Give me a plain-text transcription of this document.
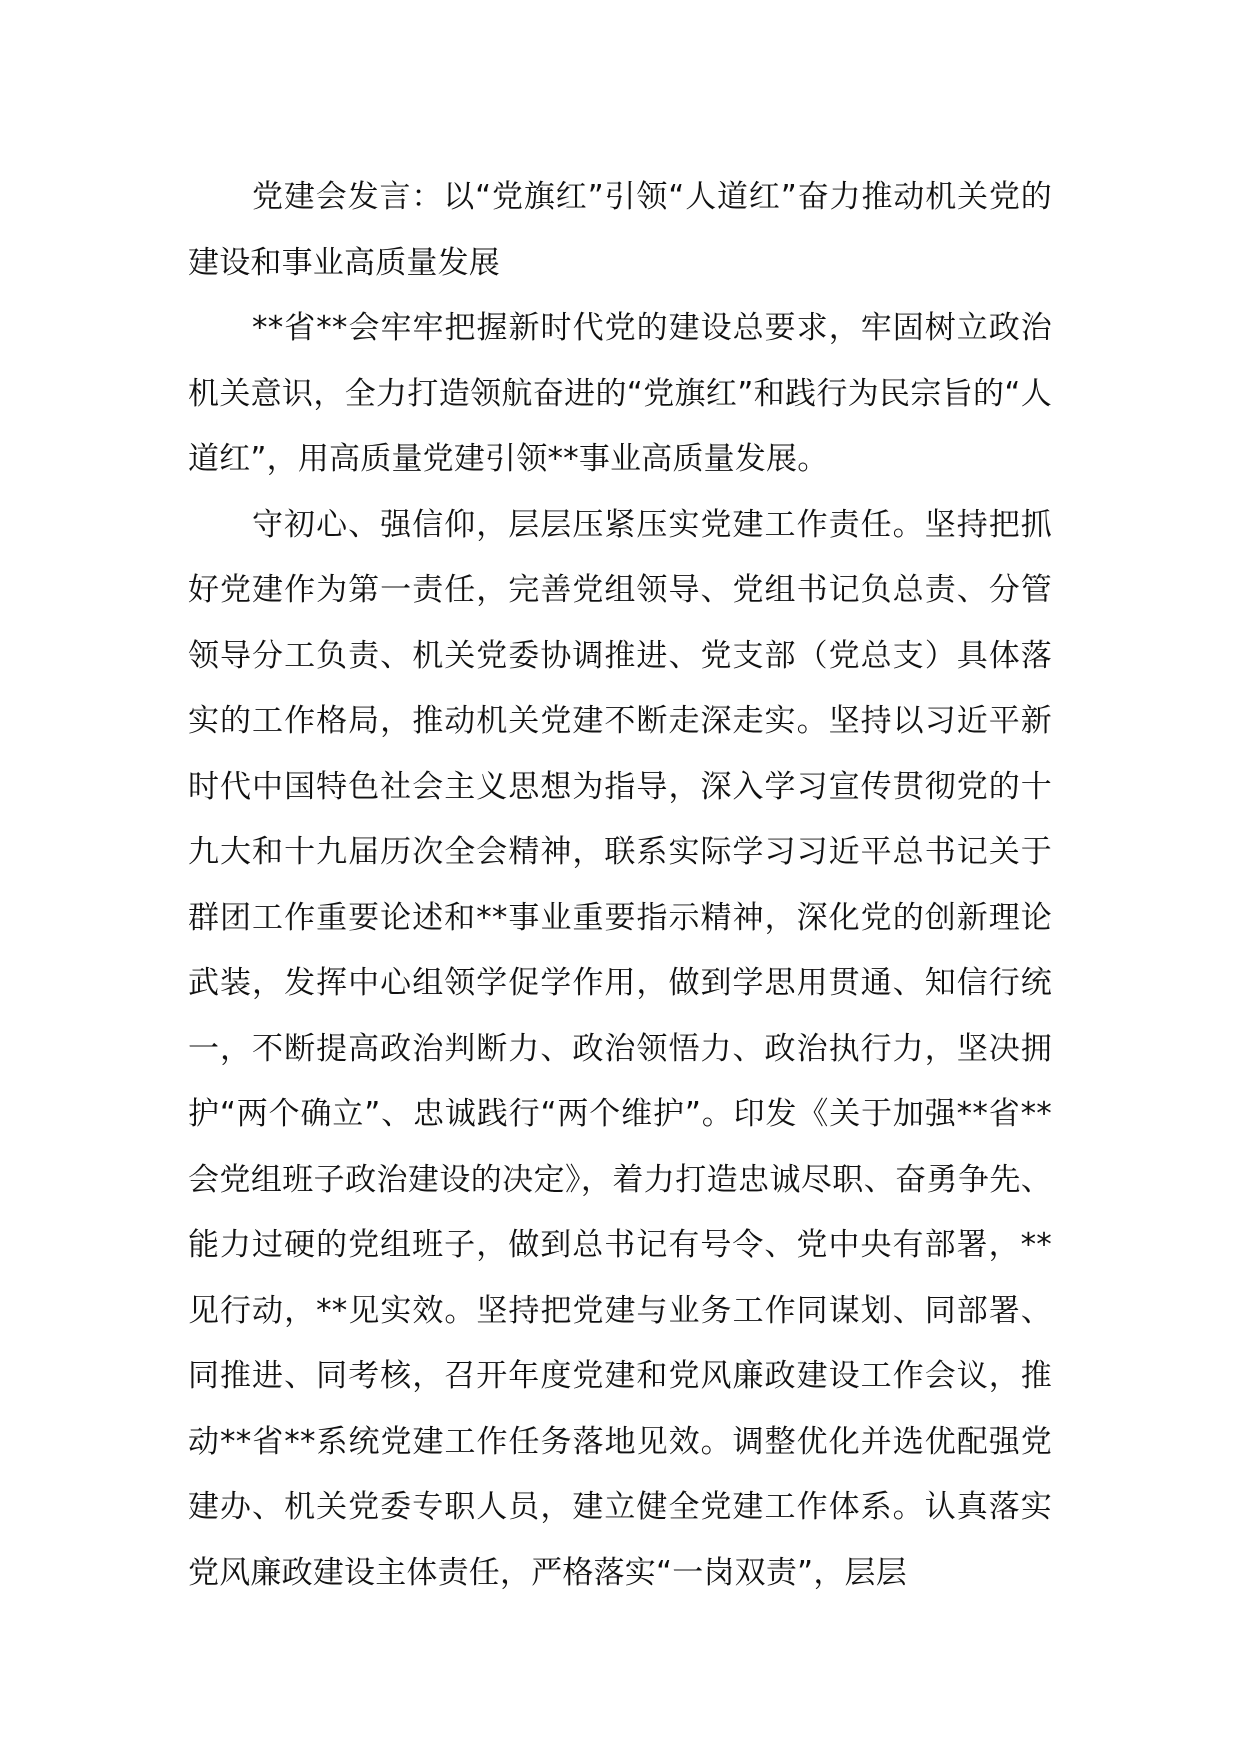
党建会发言：以“党旗红”引领“人道红”奋力推动机关党的建设和事业高质量发展

**省**会牢牢把握新时代党的建设总要求，牢固树立政治机关意识，全力打造领航奋进的“党旗红”和践行为民宗旨的“人道红”，用高质量党建引领**事业高质量发展。

守初心、强信仰，层层压紧压实党建工作责任。坚持把抓好党建作为第一责任，完善党组领导、党组书记负总责、分管领导分工负责、机关党委协调推进、党支部（党总支）具体落实的工作格局，推动机关党建不断走深走实。坚持以习近平新时代中国特色社会主义思想为指导，深入学习宣传贯彻党的十九大和十九届历次全会精神，联系实际学习习近平总书记关于群团工作重要论述和**事业重要指示精神，深化党的创新理论武装，发挥中心组领学促学作用，做到学思用贯通、知信行统一，不断提高政治判断力、政治领悟力、政治执行力，坚决拥护“两个确立”、忠诚践行“两个维护”。印发《关于加强**省**会党组班子政治建设的决定》，着力打造忠诚尽职、奋勇争先、能力过硬的党组班子，做到总书记有号令、党中央有部署，**见行动，**见实效。坚持把党建与业务工作同谋划、同部署、同推进、同考核，召开年度党建和党风廉政建设工作会议，推动**省**系统党建工作任务落地见效。调整优化并选优配强党建办、机关党委专职人员，建立健全党建工作体系。认真落实党风廉政建设主体责任，严格落实“一岗双责”，层层
